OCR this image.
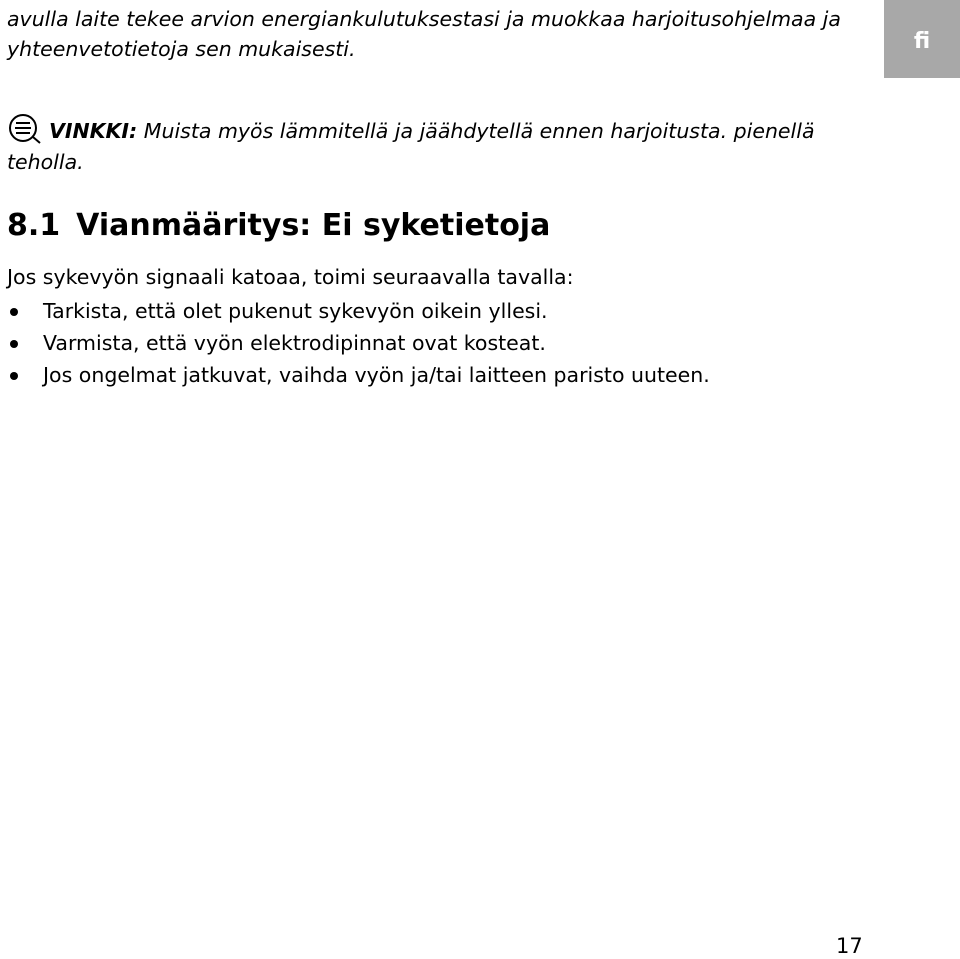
avulla laite tekee arvion energiankulutuksestasi ja muokkaa harjoitusohjelmaa ja yhteenvetotietoja sen mukaisesti.	fi

VINKKI: Muista myös lämmitellä ja jäähdytellä ennen harjoitusta. pienellä teholla.

8.1 Vianmääritys: Ei syketietoja

Jos sykevyön signaali katoaa, toimi seuraavalla tavalla:

Tarkista, että olet pukenut sykevyön oikein yllesi.
Varmista, että vyön elektrodipinnat ovat kosteat.
Jos ongelmat jatkuvat, vaihda vyön ja/tai laitteen paristo uuteen.
17
